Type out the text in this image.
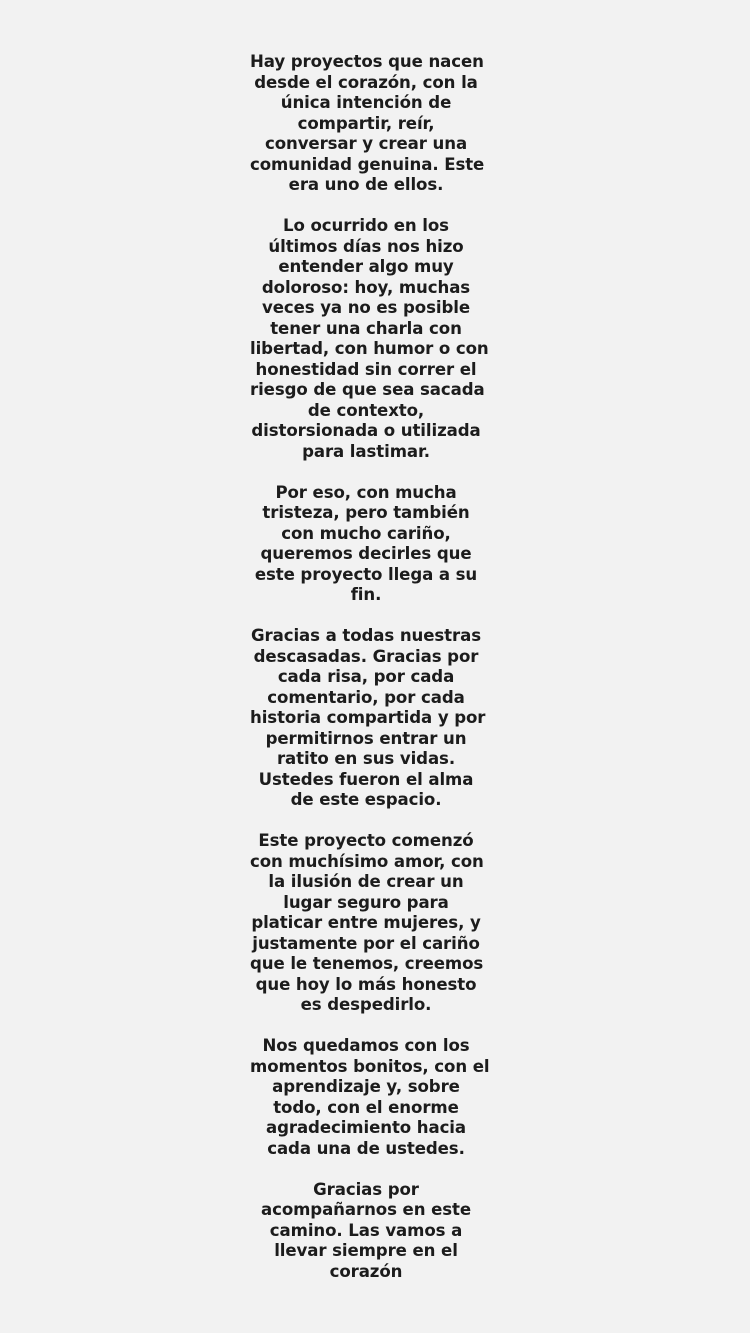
Hay proyectos que nacen
desde el corazón, con la
única intención de
compartir, reír,
conversar y crear una
comunidad genuina. Este
era uno de ellos.

Lo ocurrido en los
últimos días nos hizo
entender algo muy
doloroso: hoy, muchas
veces ya no es posible
tener una charla con
libertad, con humor o con
honestidad sin correr el
riesgo de que sea sacada
de contexto,
distorsionada o utilizada
para lastimar.

Por eso, con mucha
tristeza, pero también
con mucho cariño,
queremos decirles que
este proyecto llega a su
fin.

Gracias a todas nuestras
descasadas. Gracias por
cada risa, por cada
comentario, por cada
historia compartida y por
permitirnos entrar un
ratito en sus vidas.
Ustedes fueron el alma
de este espacio.

Este proyecto comenzó
con muchísimo amor, con
la ilusión de crear un
lugar seguro para
platicar entre mujeres, y
justamente por el cariño
que le tenemos, creemos
que hoy lo más honesto
es despedirlo.

Nos quedamos con los
momentos bonitos, con el
aprendizaje y, sobre
todo, con el enorme
agradecimiento hacia
cada una de ustedes.

Gracias por
acompañarnos en este
camino. Las vamos a
llevar siempre en el
corazón
